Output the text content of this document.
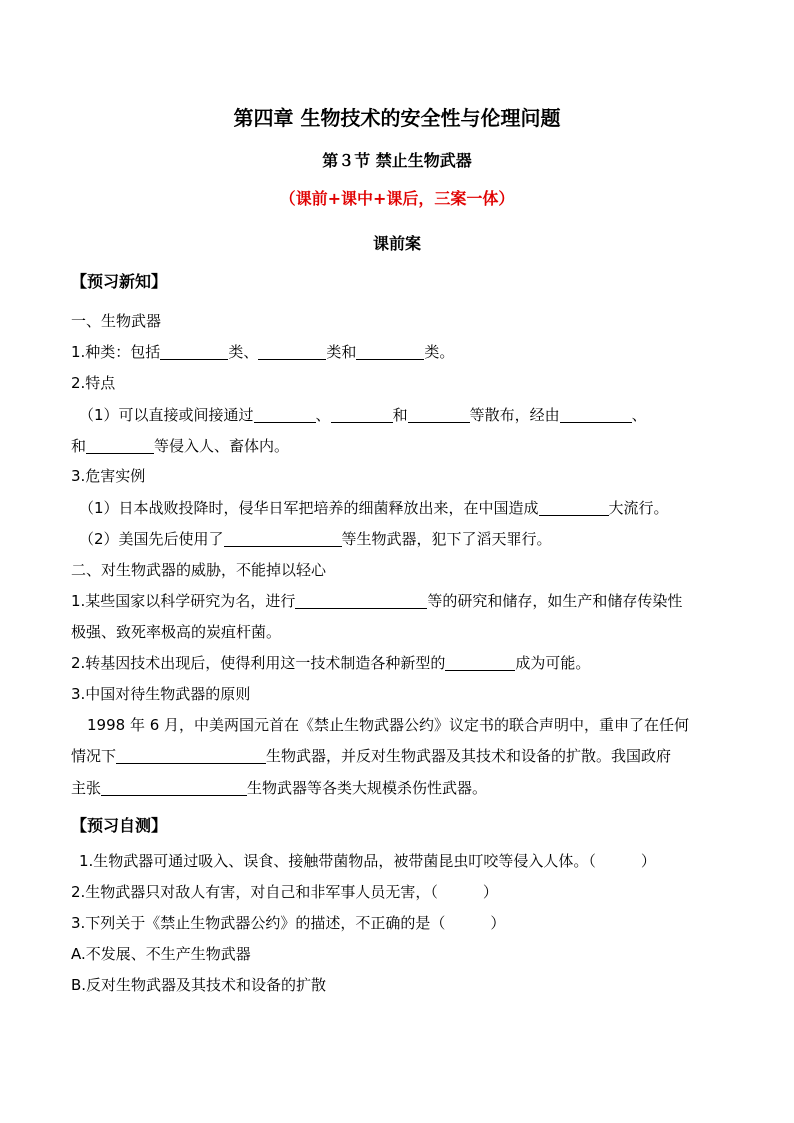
第四章 生物技术的安全性与伦理问题
第３节 禁止生物武器
（课前+课中+课后，三案一体）
课前案
【预习新知】
一、生物武器
1.种类：包括	类、	类和	类。
2.特点
（1）可以直接或间接通过	、	和	等散布，经由	、
和	等侵入人、畜体内。
3.危害实例
（1）日本战败投降时，侵华日军把培养的细菌释放出来，在中国造成	大流行。
（2）美国先后使用了	等生物武器，犯下了滔天罪行。
二、对生物武器的威胁，不能掉以轻心
1.某些国家以科学研究为名，进行	等的研究和储存，如生产和储存传染性
极强、致死率极高的炭疽杆菌。
2.转基因技术出现后，使得利用这一技术制造各种新型的	成为可能。
3.中国对待生物武器的原则
1998 年 6 月，中美两国元首在《禁止生物武器公约》议定书的联合声明中，重申了在任何
情况下	生物武器，并反对生物武器及其技术和设备的扩散。我国政府
主张	生物武器等各类大规模杀伤性武器。
【预习自测】
1.生物武器可通过吸入、误食、接触带菌物品，被带菌昆虫叮咬等侵入人体。（　　　）
2.生物武器只对敌人有害，对自己和非军事人员无害，（　　　）
3.下列关于《禁止生物武器公约》的描述，不正确的是（　　　）
A.不发展、不生产生物武器
B.反对生物武器及其技术和设备的扩散
